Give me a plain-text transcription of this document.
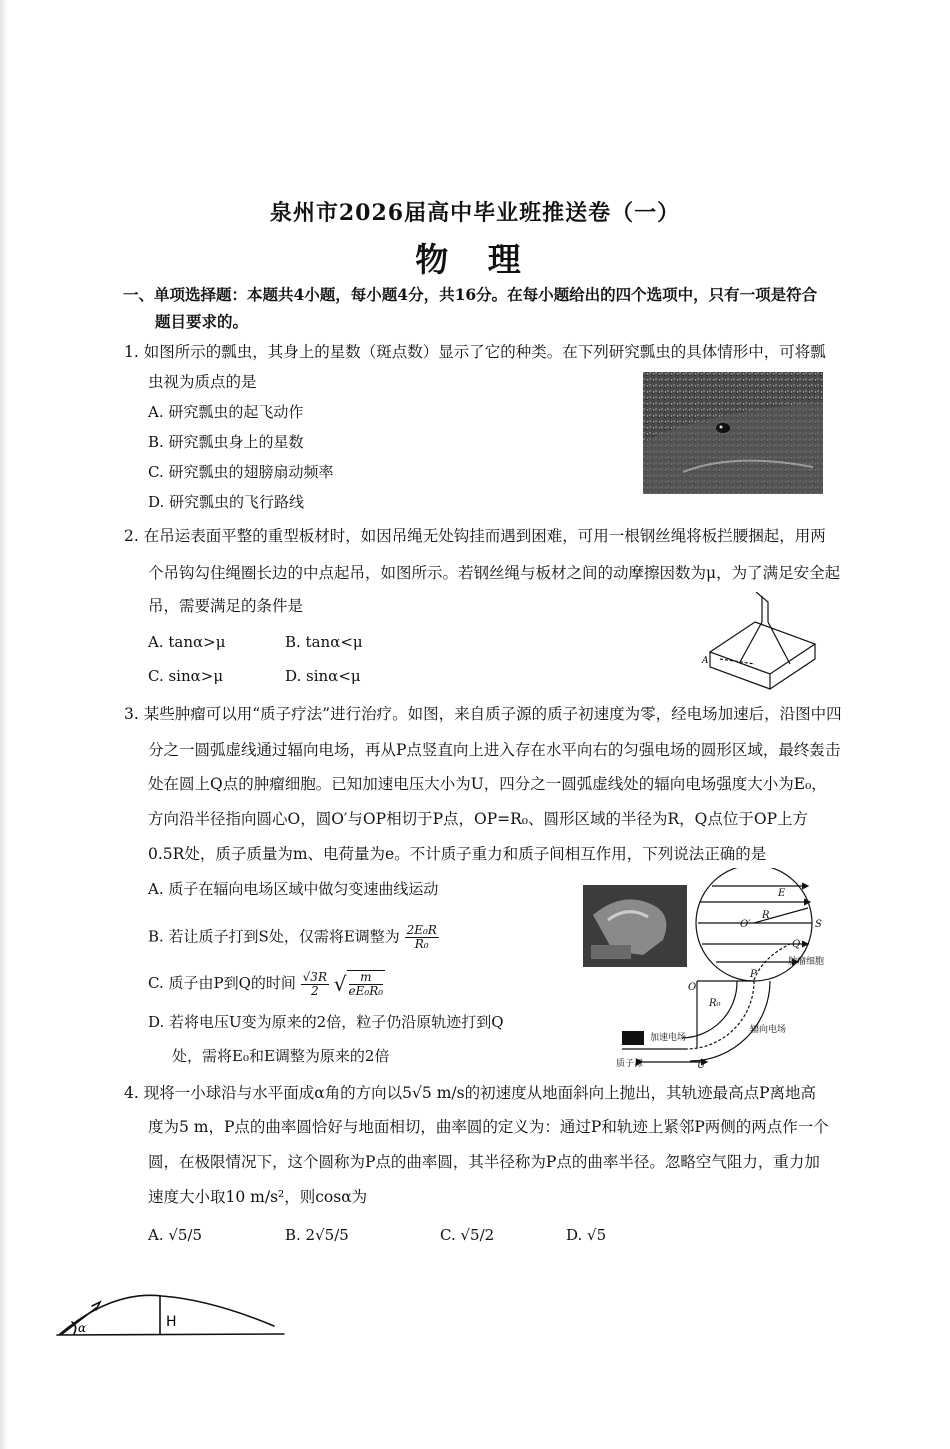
泉州市2026届高中毕业班推送卷（一）
物 理
一、单项选择题：本题共4小题，每小题4分，共16分。在每小题给出的四个选项中，只有一项是符合
题目要求的。
1. 如图所示的瓢虫，其身上的星数（斑点数）显示了它的种类。在下列研究瓢虫的具体情形中，可将瓢
虫视为质点的是
A. 研究瓢虫的起飞动作
B. 研究瓢虫身上的星数
C. 研究瓢虫的翅膀扇动频率
D. 研究瓢虫的飞行路线
2. 在吊运表面平整的重型板材时，如因吊绳无处钩挂而遇到困难，可用一根钢丝绳将板拦腰捆起，用两
个吊钩勾住绳圈长边的中点起吊，如图所示。若钢丝绳与板材之间的动摩擦因数为μ，为了满足安全起
吊，需要满足的条件是
A. tanα>μ	B. tanα<μ
C. sinα>μ	D. sinα<μ
A
3. 某些肿瘤可以用“质子疗法”进行治疗。如图，来自质子源的质子初速度为零，经电场加速后，沿图中四
分之一圆弧虚线通过辐向电场，再从P点竖直向上进入存在水平向右的匀强电场的圆形区域，最终轰击
处在圆上Q点的肿瘤细胞。已知加速电压大小为U，四分之一圆弧虚线处的辐向电场强度大小为E₀，
方向沿半径指向圆心O，圆O′与OP相切于P点，OP=R₀、圆形区域的半径为R，Q点位于OP上方
0.5R处，质子质量为m、电荷量为e。不计质子重力和质子间相互作用，下列说法正确的是
A. 质子在辐向电场区域中做匀变速曲线运动
B. 若让质子打到S处，仅需将E调整为 $\frac{\text{2E₀R}}{\text{R₀}}$
C. 质子由P到Q的时间 $\frac{√3R}{2}$ √ $\frac{m}{\text{eE₀R₀}}$
D. 若将电压U变为原来的2倍，粒子仍沿原轨迹打到Q
处，需将E₀和E调整为原来的2倍
E
O′
R
S
Q
O
P
R₀
U
肿瘤细胞
加速电场
辐向电场
质子源
4. 现将一小球沿与水平面成α角的方向以5√5 m/s的初速度从地面斜向上抛出，其轨迹最高点P离地高
度为5 m，P点的曲率圆恰好与地面相切，曲率圆的定义为：通过P和轨迹上紧邻P两侧的两点作一个
圆，在极限情况下，这个圆称为P点的曲率圆，其半径称为P点的曲率半径。忽略空气阻力，重力加
速度大小取10 m/s²，则cosα为
A. √5/5	B. 2√5/5	C. √5/2	D. √5
H
α
